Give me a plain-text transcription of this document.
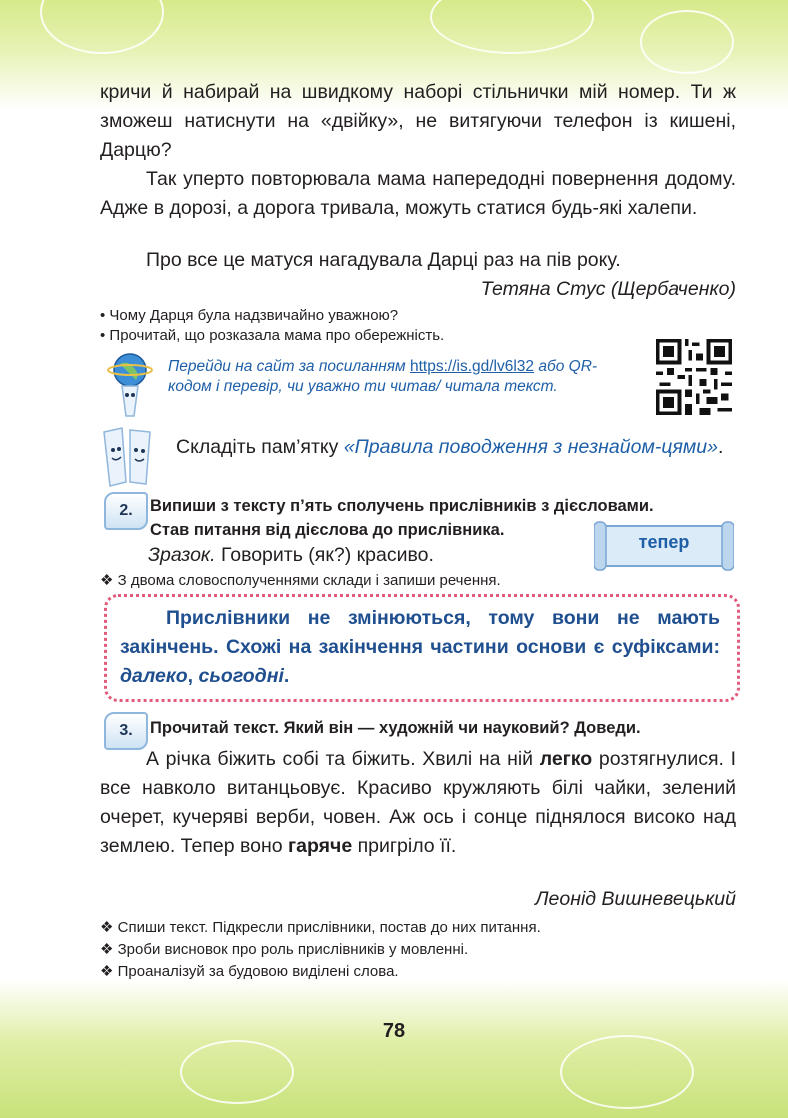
кричи й набирай на швидкому наборі стільнички мій номер. Ти ж зможеш натиснути на «двійку», не витягуючи телефон із кишені, Дарцю?

Так уперто повторювала мама напередодні повернення додому. Адже в дорозі, а дорога тривала, можуть статися будь-які халепи.

Про все це матуся нагадувала Дарці раз на пів року.

Тетяна Стус (Щербаченко)

• Чому Дарця була надзвичайно уважною?

• Прочитай, що розказала мама про обережність.

Перейди на сайт за посиланням https://is.gd/lv6l32 або QR-кодом і перевір, чи уважно ти читав/ читала текст.
Складіть пам’ятку «Правила поводження з незнайом-цями».
2.	Випиши з тексту п’ять сполучень прислівників з дієсловами.

Став питання від дієслова до прислівника.

Зразок. Говорить (як?) красиво.

тепер

❖ З двома словосполученнями склади і запиши речення.

Прислівники не змінюються, тому вони не мають закінчень. Схожі на закінчення частини основи є суфіксами: далеко, сьогодні.

3.	Прочитай текст. Який він — художній чи науковий? Доведи.

А річка біжить собі та біжить. Хвилі на ній легко розтягнулися. І все навколо витанцьовує. Красиво кружляють білі чайки, зелений очерет, кучеряві верби, човен. Аж ось і сонце піднялося високо над землею. Тепер воно гаряче пригріло її.

Леонід Вишневецький

❖ Спиши текст. Підкресли прислівники, постав до них питання.

❖ Зроби висновок про роль прислівників у мовленні.

❖ Проаналізуй за будовою виділені слова.

78
